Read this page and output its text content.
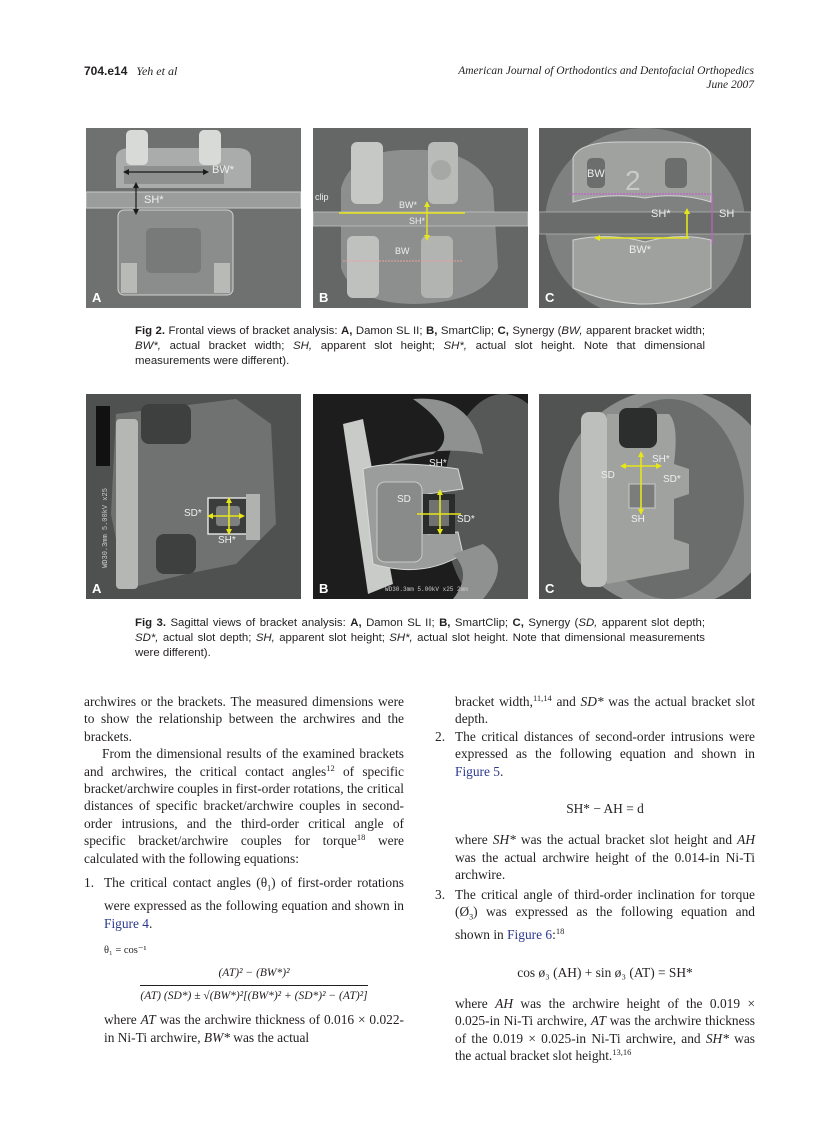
704.e14 Yeh et al	American Journal of Orthodontics and Dentofacial Orthopedics
June 2007
BW*
SH*
A
clip
BW*
SH*
BW
B
2
BW
SH*	SH
BW*
C
Fig 2. Frontal views of bracket analysis: A, Damon SL II; B, SmartClip; C, Synergy (BW, apparent bracket width; BW*, actual bracket width; SH, apparent slot height; SH*, actual slot height. Note that dimensional measurements were different).
SD*
SH*
WD30.3mm 5.00kV x25
A
SH*
SD
SD*
WD30.3mm 5.00kV x25 2mm
B
SH*
SD	SD*
SH
C
Fig 3. Sagittal views of bracket analysis: A, Damon SL II; B, SmartClip; C, Synergy (SD, apparent slot depth; SD*, actual slot depth; SH, apparent slot height; SH*, actual slot height. Note that dimensional measurements were different).

archwires or the brackets. The measured dimensions were to show the relationship between the archwires and the brackets.

From the dimensional results of the examined brackets and archwires, the critical contact angles$^{12}$ of specific bracket/archwire couples in first-order rotations, the critical distances of specific bracket/archwire couples in second-order intrusions, and the third-order critical angle of specific bracket/archwire couples for torque$^{18}$ were calculated with the following equations:

1. The critical contact angles $(\theta_1)$ of first-order rotations were expressed as the following equation and shown in Figure 4.

θ₁ = cos⁻¹
$\frac{\text{(AT)² − (BW*)²}}{\text{(AT) (SD*) ± √(BW*)²[(BW*)² + (SD*)² − (AT)²]}}$

where AT was the archwire thickness of 0.016 × 0.022-in Ni-Ti archwire, BW* was the actual

bracket width,$^{11,14}$ and SD* was the actual bracket slot depth.

2. The critical distances of second-order intrusions were expressed as the following equation and shown in Figure 5.

SH* − AH = d

where SH* was the actual bracket slot height and AH was the actual archwire height of the 0.014-in Ni-Ti archwire.

3. The critical angle of third-order inclination for torque $(Ø_3)$ was expressed as the following equation and shown in Figure 6:$^{18}$

cos ø₃ (AH) + sin ø₃ (AT) = SH*

where AH was the archwire height of the 0.019 × 0.025-in Ni-Ti archwire, AT was the archwire thickness of the 0.019 × 0.025-in Ni-Ti archwire, and SH* was the actual bracket slot height.$^{13,16}$
